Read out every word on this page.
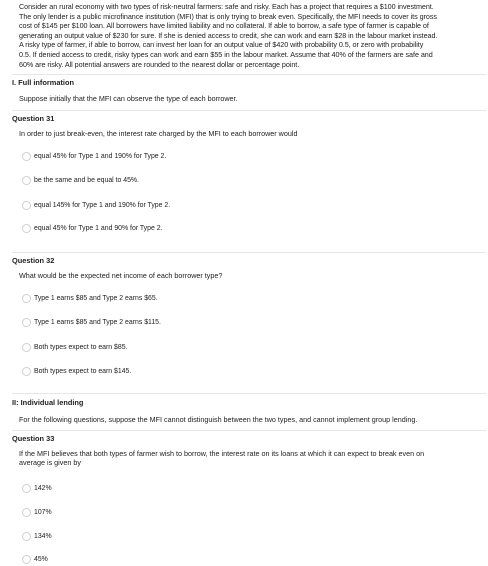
Consider an rural economy with two types of risk-neutral farmers: safe and risky. Each has a project that requires a $100 investment.
The only lender is a public microfinance institution (MFI) that is only trying to break even. Specifically, the MFI needs to cover its gross
cost of $145 per $100 loan. All borrowers have limited liability and no collateral. If able to borrow, a safe type of farmer is capable of
generating an output value of $230 for sure. If she is denied access to credit, she can work and earn $28 in the labour market instead.
A risky type of farmer, if able to borrow, can invest her loan for an output value of $420 with probability 0.5, or zero with probability
0.5. If denied access to credit, risky types can work and earn $55 in the labour market. Assume that 40% of the farmers are safe and
60% are risky. All potential answers are rounded to the nearest dollar or percentage point.
I. Full information
Suppose initially that the MFI can observe the type of each borrower.
Question 31
In order to just break-even, the interest rate charged by the MFI to each borrower would
equal 45% for Type 1 and 190% for Type 2.
be the same and be equal to 45%.
equal 145% for Type 1 and 190% for Type 2.
equal 45% for Type 1 and 90% for Type 2.
Question 32
What would be the expected net income of each borrower type?
Type 1 earns $85 and Type 2 earns $65.
Type 1 earns $85 and Type 2 earns $115.
Both types expect to earn $85.
Both types expect to earn $145.
II: Individual lending
For the following questions, suppose the MFI cannot distinguish between the two types, and cannot implement group lending.
Question 33
If the MFI believes that both types of farmer wish to borrow, the interest rate on its loans at which it can expect to break even on
average is given by
142%
107%
134%
45%
